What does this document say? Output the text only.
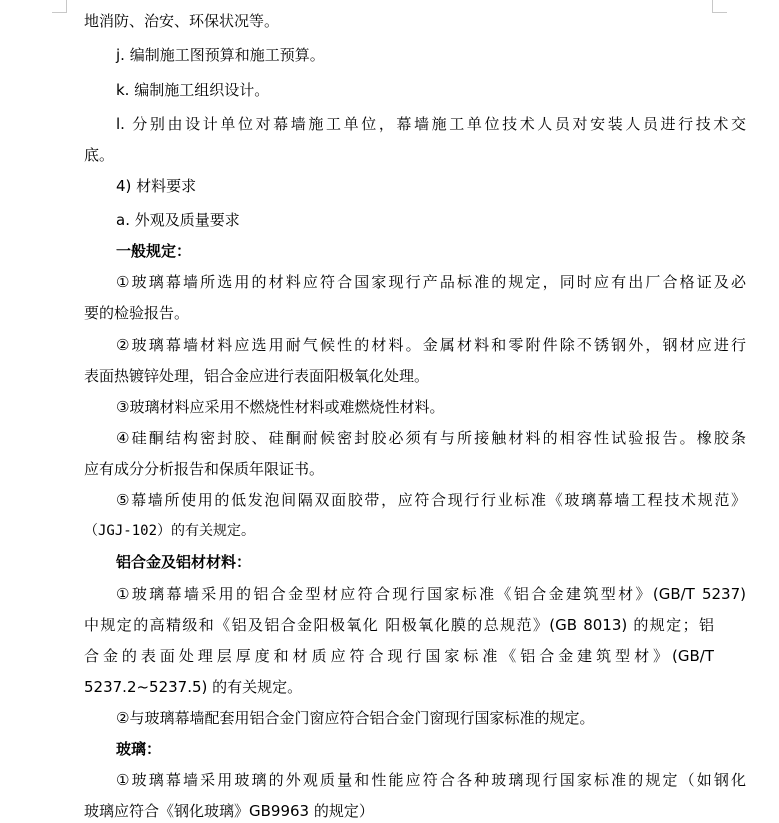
地消防、治安、环保状况等。
j. 编制施工图预算和施工预算。
k. 编制施工组织设计。
l. 分别由设计单位对幕墙施工单位，幕墙施工单位技术人员对安装人员进行技术交
底。
4) 材料要求
a. 外观及质量要求
一般规定：
①玻璃幕墙所选用的材料应符合国家现行产品标准的规定，同时应有出厂合格证及必
要的检验报告。
②玻璃幕墙材料应选用耐气候性的材料。金属材料和零附件除不锈钢外，钢材应进行
表面热镀锌处理，铝合金应进行表面阳极氧化处理。
③玻璃材料应采用不燃烧性材料或难燃烧性材料。
④硅酮结构密封胶、硅酮耐候密封胶必须有与所接触材料的相容性试验报告。橡胶条
应有成分分析报告和保质年限证书。
⑤幕墙所使用的低发泡间隔双面胶带，应符合现行行业标准《玻璃幕墙工程技术规范》
（JGJ-102）的有关规定。
铝合金及铝材材料：
①玻璃幕墙采用的铝合金型材应符合现行国家标准《铝合金建筑型材》(GB/T 5237)
中规定的高精级和《铝及铝合金阳极氧化 阳极氧化膜的总规范》(GB 8013) 的规定；铝
合金的表面处理层厚度和材质应符合现行国家标准《铝合金建筑型材》(GB/T
5237.2~5237.5) 的有关规定。
②与玻璃幕墙配套用铝合金门窗应符合铝合金门窗现行国家标准的规定。
玻璃：
①玻璃幕墙采用玻璃的外观质量和性能应符合各种玻璃现行国家标准的规定（如钢化
玻璃应符合《钢化玻璃》GB9963 的规定）
